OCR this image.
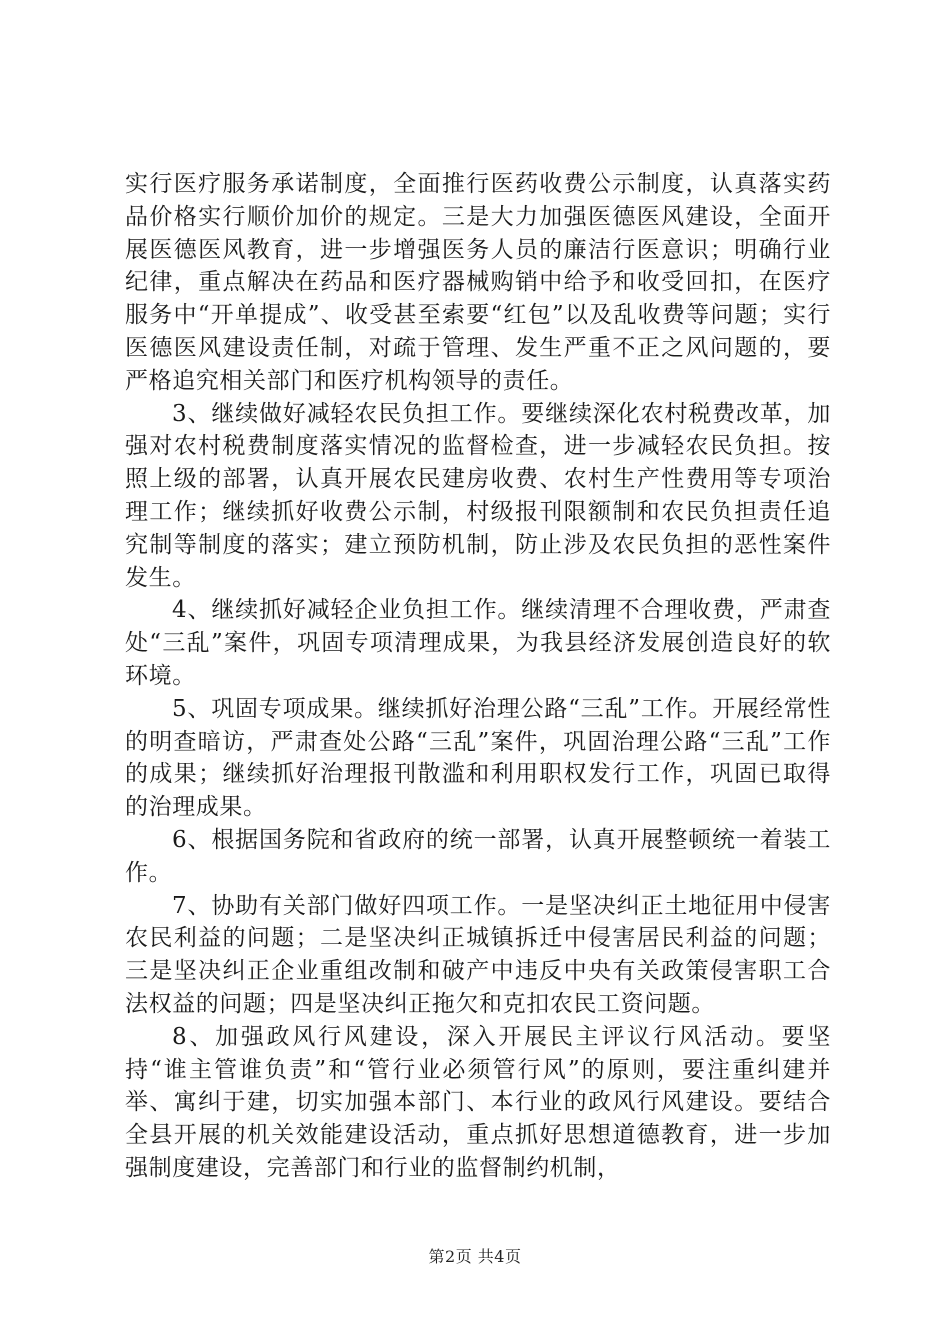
实行医疗服务承诺制度，全面推行医药收费公示制度，认真落实药品价格实行顺价加价的规定。三是大力加强医德医风建设，全面开展医德医风教育，进一步增强医务人员的廉洁行医意识；明确行业纪律，重点解决在药品和医疗器械购销中给予和收受回扣，在医疗服务中“开单提成”、收受甚至索要“红包”以及乱收费等问题；实行医德医风建设责任制，对疏于管理、发生严重不正之风问题的，要严格追究相关部门和医疗机构领导的责任。

3、继续做好减轻农民负担工作。要继续深化农村税费改革，加强对农村税费制度落实情况的监督检查，进一步减轻农民负担。按照上级的部署，认真开展农民建房收费、农村生产性费用等专项治理工作；继续抓好收费公示制，村级报刊限额制和农民负担责任追究制等制度的落实；建立预防机制，防止涉及农民负担的恶性案件发生。

4、继续抓好减轻企业负担工作。继续清理不合理收费，严肃查处“三乱”案件，巩固专项清理成果，为我县经济发展创造良好的软环境。

5、巩固专项成果。继续抓好治理公路“三乱”工作。开展经常性的明查暗访，严肃查处公路“三乱”案件，巩固治理公路“三乱”工作的成果；继续抓好治理报刊散滥和利用职权发行工作，巩固已取得的治理成果。

6、根据国务院和省政府的统一部署，认真开展整顿统一着装工作。

7、协助有关部门做好四项工作。一是坚决纠正土地征用中侵害农民利益的问题；二是坚决纠正城镇拆迁中侵害居民利益的问题；三是坚决纠正企业重组改制和破产中违反中央有关政策侵害职工合法权益的问题；四是坚决纠正拖欠和克扣农民工资问题。

8、加强政风行风建设，深入开展民主评议行风活动。要坚持“谁主管谁负责”和“管行业必须管行风”的原则，要注重纠建并举、寓纠于建，切实加强本部门、本行业的政风行风建设。要结合全县开展的机关效能建设活动，重点抓好思想道德教育，进一步加强制度建设，完善部门和行业的监督制约机制，

第2页 共4页
